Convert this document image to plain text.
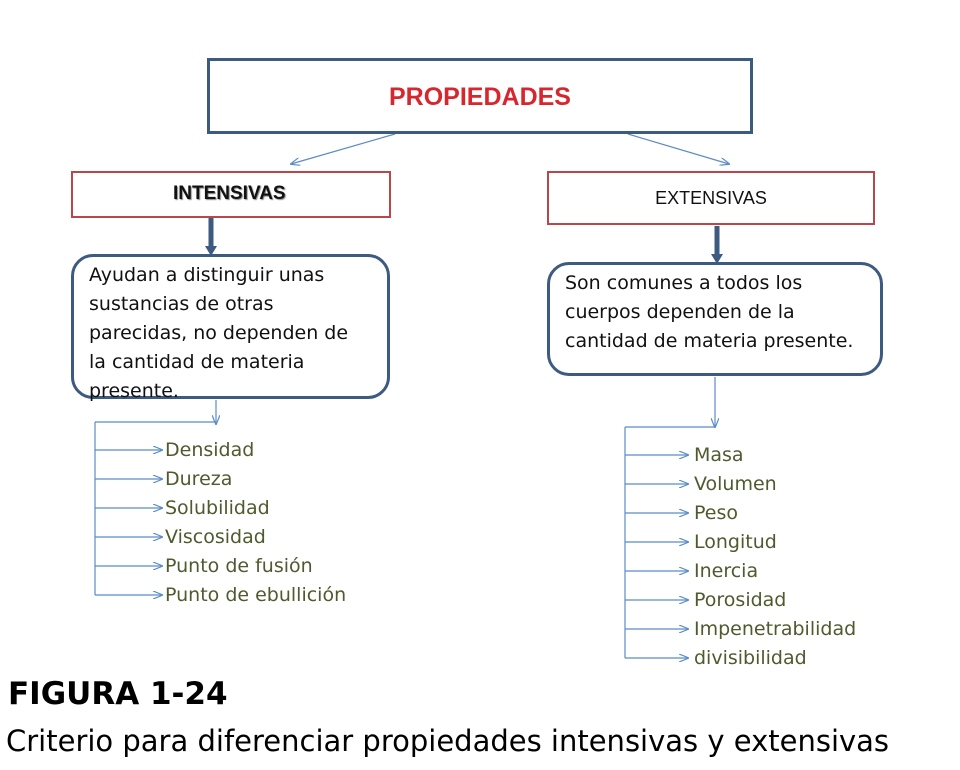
PROPIEDADES
INTENSIVAS	EXTENSIVAS

Ayudan a distinguir unas
sustancias de otras
parecidas, no dependen de
la cantidad de materia
presente.

Son comunes a todos los
cuerpos dependen de la
cantidad de materia presente.

Densidad
Dureza
Solubilidad
Viscosidad
Punto de fusión
Punto de ebullición
Masa
Volumen
Peso
Longitud
Inercia
Porosidad
Impenetrabilidad
divisibilidad
FIGURA 1-24
Criterio para diferenciar propiedades intensivas y extensivas
